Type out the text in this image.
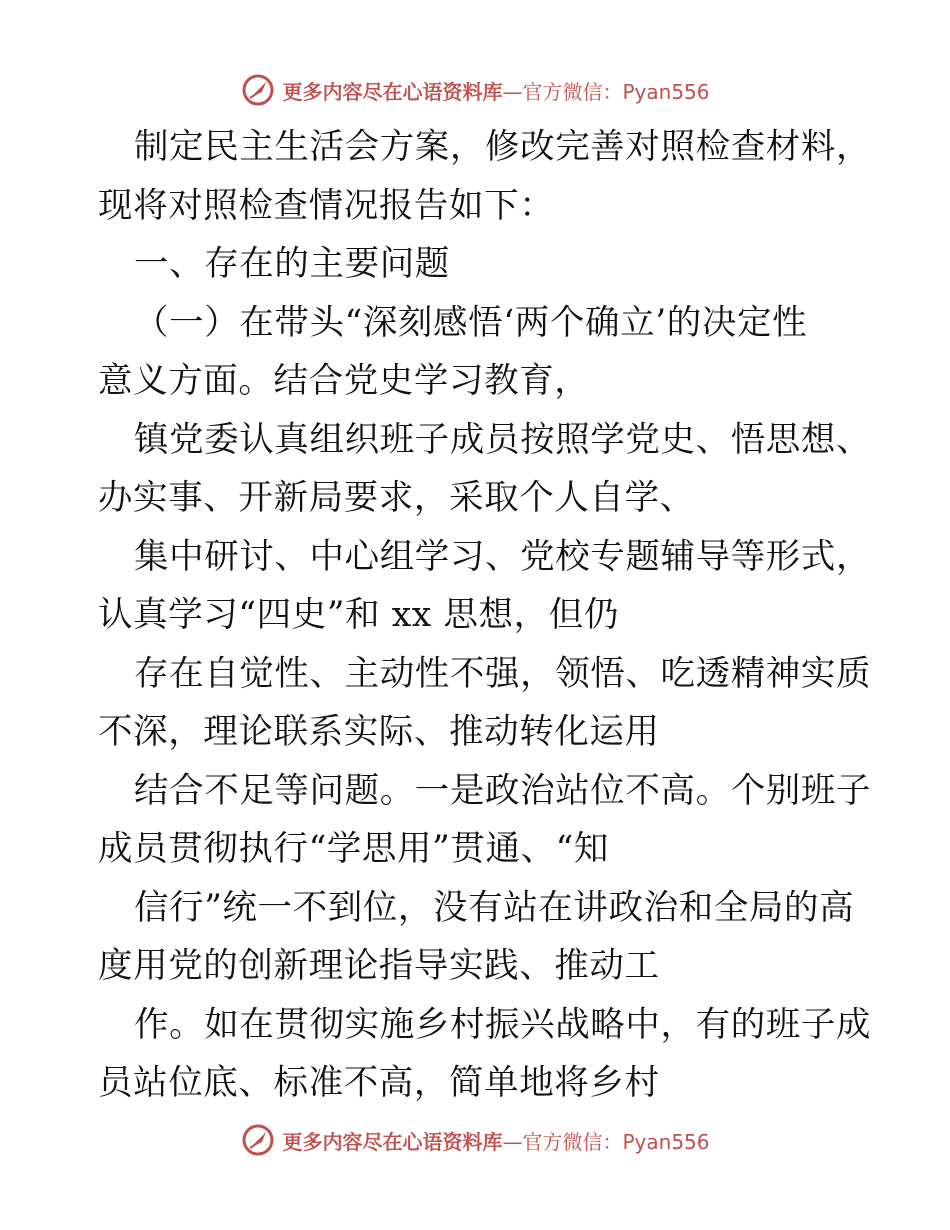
更多内容尽在心语资料库—官方微信：Pyan556
制定民主生活会方案，修改完善对照检查材料，
现将对照检查情况报告如下：
一、存在的主要问题
（一）在带头“深刻感悟‘两个确立’的决定性
意义方面。结合党史学习教育，
镇党委认真组织班子成员按照学党史、悟思想、
办实事、开新局要求，采取个人自学、
集中研讨、中心组学习、党校专题辅导等形式，
认真学习“四史”和 xx 思想，但仍
存在自觉性、主动性不强，领悟、吃透精神实质
不深，理论联系实际、推动转化运用
结合不足等问题。一是政治站位不高。个别班子
成员贯彻执行“学思用”贯通、“知
信行”统一不到位，没有站在讲政治和全局的高
度用党的创新理论指导实践、推动工
作。如在贯彻实施乡村振兴战略中，有的班子成
员站位底、标准不高，简单地将乡村
更多内容尽在心语资料库—官方微信：Pyan556
